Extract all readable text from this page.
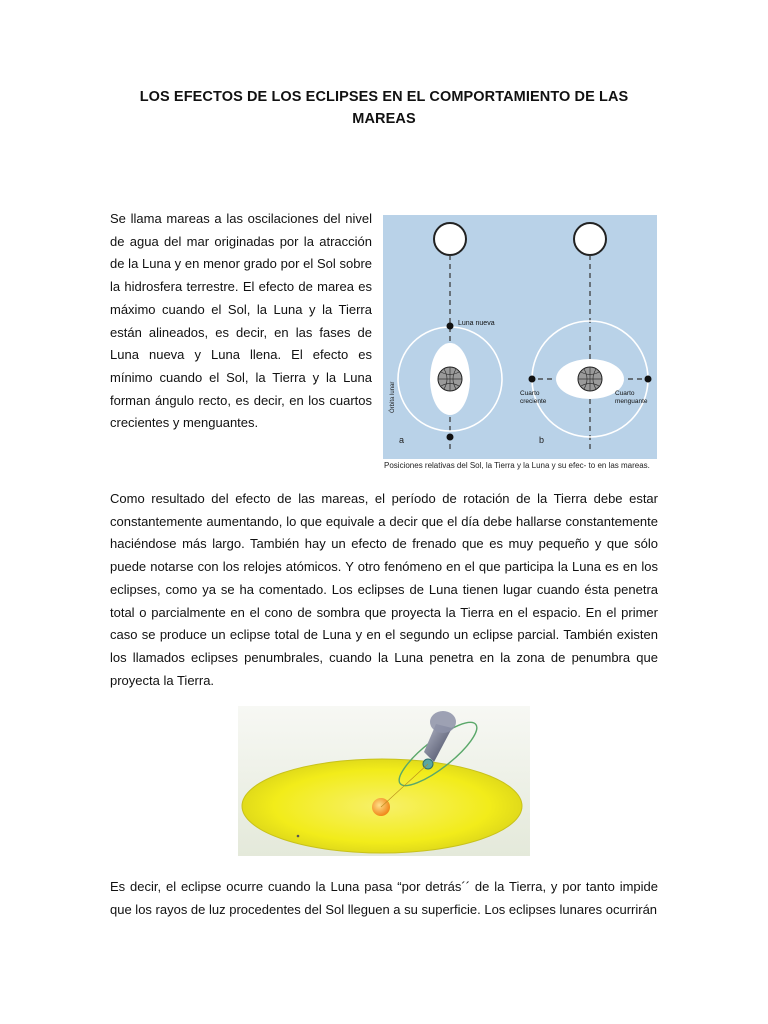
LOS EFECTOS DE LOS ECLIPSES EN EL COMPORTAMIENTO DE LAS MAREAS

Se llama mareas a las oscilaciones del nivel de agua del mar originadas por la atracción de la Luna y en menor grado por el Sol sobre la hidrosfera terrestre. El efecto de marea es máximo cuando el Sol, la Luna y la Tierra están alineados, es decir, en las fases de Luna nueva y Luna llena. El efecto es mínimo cuando el Sol, la Tierra y la Luna forman ángulo recto, es decir, en los cuartos crecientes y menguantes.

Luna nueva
Órbita lunar
a
Cuarto
creciente
Cuarto
menguante
b
Posiciones relativas del Sol, la Tierra y la Luna y su efec- to en las mareas.

Como resultado del efecto de las mareas, el período de rotación de la Tierra debe estar constantemente aumentando, lo que equivale a decir que el día debe hallarse constantemente haciéndose más largo. También hay un efecto de frenado que es muy pequeño y que sólo puede notarse con los relojes atómicos. Y otro fenómeno en el que participa la Luna es en los eclipses, como ya se ha comentado. Los eclipses de Luna tienen lugar cuando ésta penetra total o parcialmente en el cono de sombra que proyecta la Tierra en el espacio. En el primer caso se produce un eclipse total de Luna y en el segundo un eclipse parcial. También existen los llamados eclipses penumbrales, cuando la Luna penetra en la zona de penumbra que proyecta la Tierra.

Es decir, el eclipse ocurre cuando la Luna pasa “por detrás´´ de la Tierra, y por tanto impide que los rayos de luz procedentes del Sol lleguen a su superficie. Los eclipses lunares ocurrirán
